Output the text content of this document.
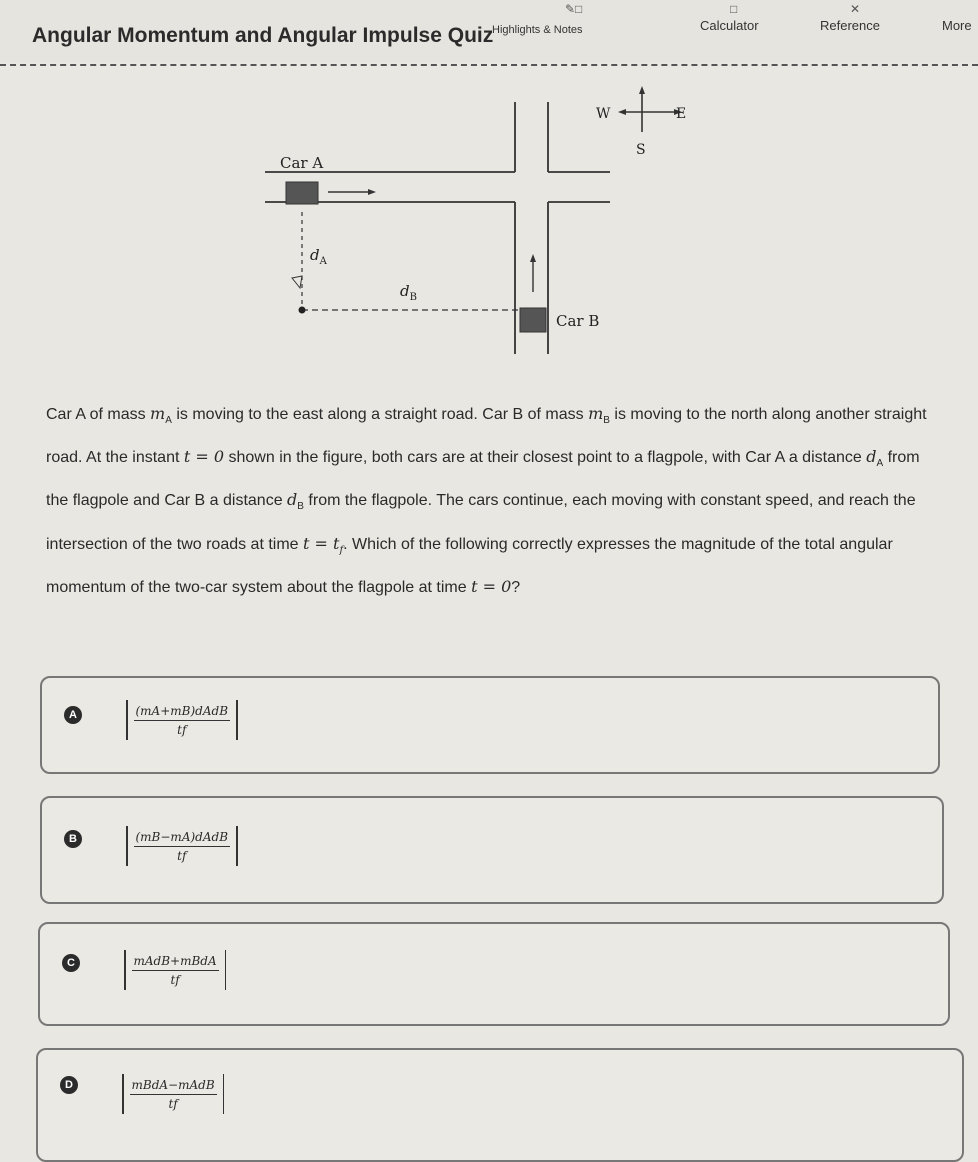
✎□	□	✕
Angular Momentum and Angular Impulse Quiz
Highlights & Notes	Calculator	Reference	More
W	E
S
Car A
Car B
$d_A$
$d_B$
Car A of mass $m_A$ is moving to the east along a straight road. Car B of mass $m_B$ is moving to the north along another straight road. At the instant t = 0 shown in the figure, both cars are at their closest point to a flagpole, with Car A a distance $d_A$ from the flagpole and Car B a distance $d_B$ from the flagpole. The cars continue, each moving with constant speed, and reach the intersection of the two roads at time $t = t_f$. Which of the following correctly expresses the magnitude of the total angular momentum of the two-car system about the flagpole at time t = 0?
A	$\frac{\text{(mA+mB)dAdB}}{tf}$
B	$\frac{\text{(mB−mA)dAdB}}{tf}$
C	$\frac{\text{mAdB+mBdA}}{tf}$
D	$\frac{\text{mBdA−mAdB}}{tf}$
